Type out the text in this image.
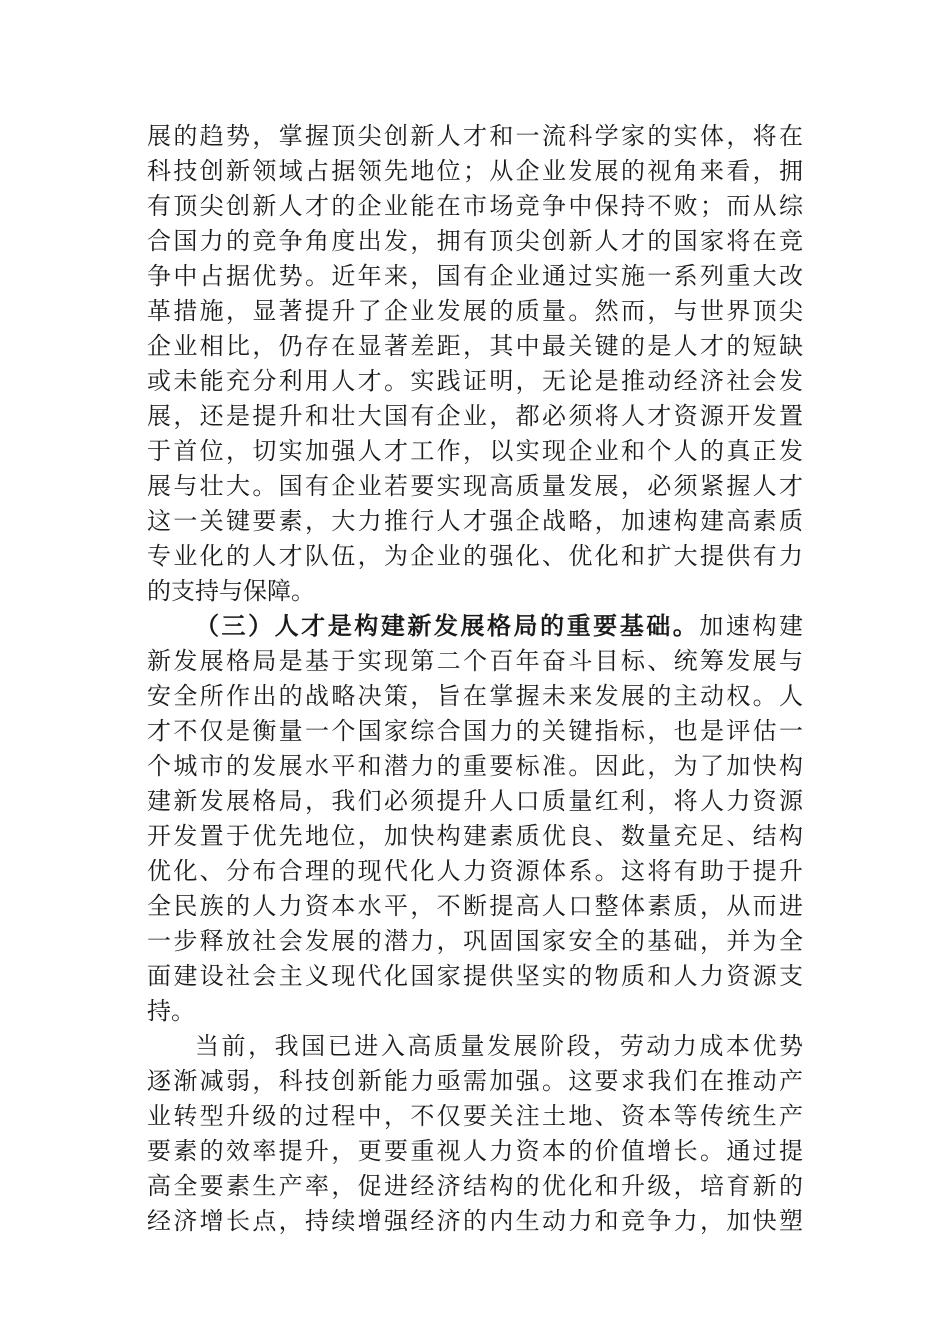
展的趋势，掌握顶尖创新人才和一流科学家的实体，将在
科技创新领域占据领先地位；从企业发展的视角来看，拥
有顶尖创新人才的企业能在市场竞争中保持不败；而从综
合国力的竞争角度出发，拥有顶尖创新人才的国家将在竞
争中占据优势。近年来，国有企业通过实施一系列重大改
革措施，显著提升了企业发展的质量。然而，与世界顶尖
企业相比，仍存在显著差距，其中最关键的是人才的短缺
或未能充分利用人才。实践证明，无论是推动经济社会发
展，还是提升和壮大国有企业，都必须将人才资源开发置
于首位，切实加强人才工作，以实现企业和个人的真正发
展与壮大。国有企业若要实现高质量发展，必须紧握人才
这一关键要素，大力推行人才强企战略，加速构建高素质
专业化的人才队伍，为企业的强化、优化和扩大提供有力
的支持与保障。
（三）人才是构建新发展格局的重要基础。加速构建
新发展格局是基于实现第二个百年奋斗目标、统筹发展与
安全所作出的战略决策，旨在掌握未来发展的主动权。人
才不仅是衡量一个国家综合国力的关键指标，也是评估一
个城市的发展水平和潜力的重要标准。因此，为了加快构
建新发展格局，我们必须提升人口质量红利，将人力资源
开发置于优先地位，加快构建素质优良、数量充足、结构
优化、分布合理的现代化人力资源体系。这将有助于提升
全民族的人力资本水平，不断提高人口整体素质，从而进
一步释放社会发展的潜力，巩固国家安全的基础，并为全
面建设社会主义现代化国家提供坚实的物质和人力资源支
持。
当前，我国已进入高质量发展阶段，劳动力成本优势
逐渐减弱，科技创新能力亟需加强。这要求我们在推动产
业转型升级的过程中，不仅要关注土地、资本等传统生产
要素的效率提升，更要重视人力资本的价值增长。通过提
高全要素生产率，促进经济结构的优化和升级，培育新的
经济增长点，持续增强经济的内生动力和竞争力，加快塑
